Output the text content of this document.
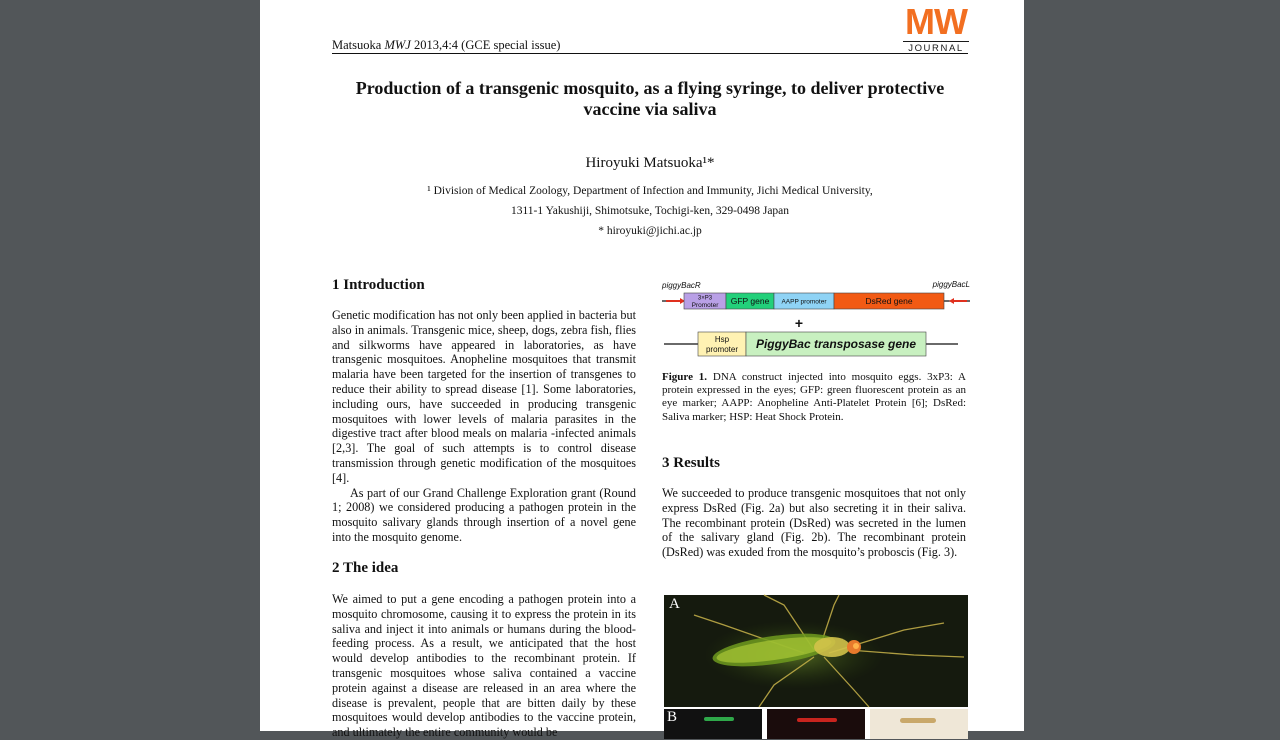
Matsuoka MWJ 2013,4:4 (GCE special issue)
MW
JOURNAL
Production of a transgenic mosquito, as a flying syringe, to deliver protective vaccine via saliva
Hiroyuki Matsuoka¹*
¹ Division of Medical Zoology, Department of Infection and Immunity, Jichi Medical University,
1311-1 Yakushiji, Shimotsuke, Tochigi-ken, 329-0498 Japan
* hiroyuki@jichi.ac.jp
1 Introduction

Genetic modification has not only been applied in bacteria but also in animals. Transgenic mice, sheep, dogs, zebra fish, flies and silkworms have appeared in laboratories, as have transgenic mosquitoes. Anopheline mosquitoes that transmit malaria have been targeted for the insertion of transgenes to reduce their ability to spread disease [1]. Some laboratories, including ours, have succeeded in producing transgenic mosquitoes with lower levels of malaria parasites in the digestive tract after blood meals on malaria -infected animals [2,3]. The goal of such attempts is to control disease transmission through genetic modification of the mosquitoes [4].

As part of our Grand Challenge Exploration grant (Round 1; 2008) we considered producing a pathogen protein in the mosquito salivary glands through insertion of a novel gene into the mosquito genome.

2 The idea

We aimed to put a gene encoding a pathogen protein into a mosquito chromosome, causing it to express the protein in its saliva and inject it into animals or humans during the blood-feeding process. As a result, we anticipated that the host would develop antibodies to the recombinant protein. If transgenic mosquitoes whose saliva contained a vaccine protein against a disease are released in an area where the disease is prevalent, people that are bitten daily by these mosquitoes would develop antibodies to the vaccine protein, and ultimately the entire community would be

piggyBacR	piggyBacL
3×P3
Promoter GFP gene AAPP promoter	DsRed gene
+
Hsp
promoter PiggyBac transposase gene
Figure 1. DNA construct injected into mosquito eggs. 3xP3: A protein expressed in the eyes; GFP: green fluorescent protein as an eye marker; AAPP: Anopheline Anti-Platelet Protein [6]; DsRed: Saliva marker; HSP: Heat Shock Protein.
3 Results

We succeeded to produce transgenic mosquitoes that not only express DsRed (Fig. 2a) but also secreting it in their saliva. The recombinant protein (DsRed) was secreted in the lumen of the salivary gland (Fig. 2b). The recombinant protein (DsRed) was exuded from the mosquito’s proboscis (Fig. 3).

A
B
